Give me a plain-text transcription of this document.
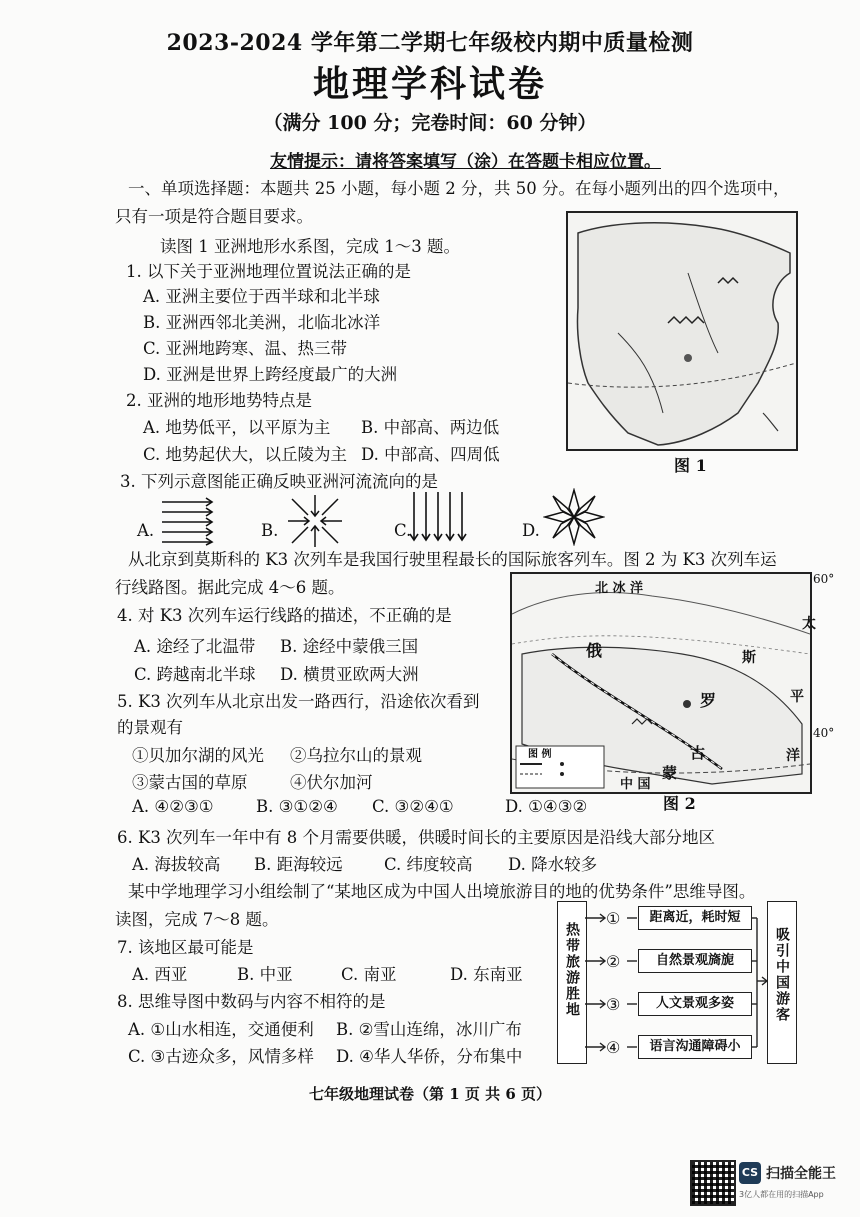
2023-2024 学年第二学期七年级校内期中质量检测
地理学科试卷
（满分 100 分；完卷时间：60 分钟）
友情提示：请将答案填写（涂）在答题卡相应位置。
一、单项选择题：本题共 25 小题，每小题 2 分，共 50 分。在每小题列出的四个选项中，
只有一项是符合题目要求。
读图 1 亚洲地形水系图，完成 1～3 题。
1. 以下关于亚洲地理位置说法正确的是
A. 亚洲主要位于西半球和北半球
B. 亚洲西邻北美洲，北临北冰洋
C. 亚洲地跨寒、温、热三带
D. 亚洲是世界上跨经度最广的大洲
2. 亚洲的地形地势特点是
A. 地势低平，以平原为主 B. 中部高、两边低
C. 地势起伏大，以丘陵为主 D. 中部高、四周低
图 1
3. 下列示意图能正确反映亚洲河流流向的是
A.	B.	C.	D.
从北京到莫斯科的 K3 次列车是我国行驶里程最长的国际旅客列车。图 2 为 K3 次列车运
行线路图。据此完成 4～6 题。
4. 对 K3 次列车运行线路的描述，不正确的是
A. 途经了北温带 B. 途经中蒙俄三国
C. 跨越南北半球 D. 横贯亚欧两大洲
5. K3 次列车从北京出发一路西行，沿途依次看到
的景观有
①贝加尔湖的风光 ②乌拉尔山的景观
③蒙古国的草原	④伏尔加河
A. ④②③①	B. ③①②④ C. ③②④①	D. ①④③②
北 冰 洋
60°
40°
太
斯
平
洋
俄
罗
蒙
古
中 国
图 例
图 2
6. K3 次列车一年中有 8 个月需要供暖，供暖时间长的主要原因是沿线大部分地区
A. 海拔较高 B. 距海较远	C. 纬度较高 D. 降水较多
某中学地理学习小组绘制了“某地区成为中国人出境旅游目的地的优势条件”思维导图。
读图，完成 7～8 题。
7. 该地区最可能是
A. 西亚	B. 中亚	C. 南亚	D. 东南亚
8. 思维导图中数码与内容不相符的是
A. ①山水相连，交通便利 B. ②雪山连绵，冰川广布
C. ③古迹众多，风情多样 D. ④华人华侨，分布集中
热带旅游胜地	吸引中国游客
①
②
③
④
距离近，耗时短
自然景观旖旎
人文景观多姿
语言沟通障碍小
七年级地理试卷（第 1 页 共 6 页）
CS 扫描全能王
3亿人都在用的扫描App
